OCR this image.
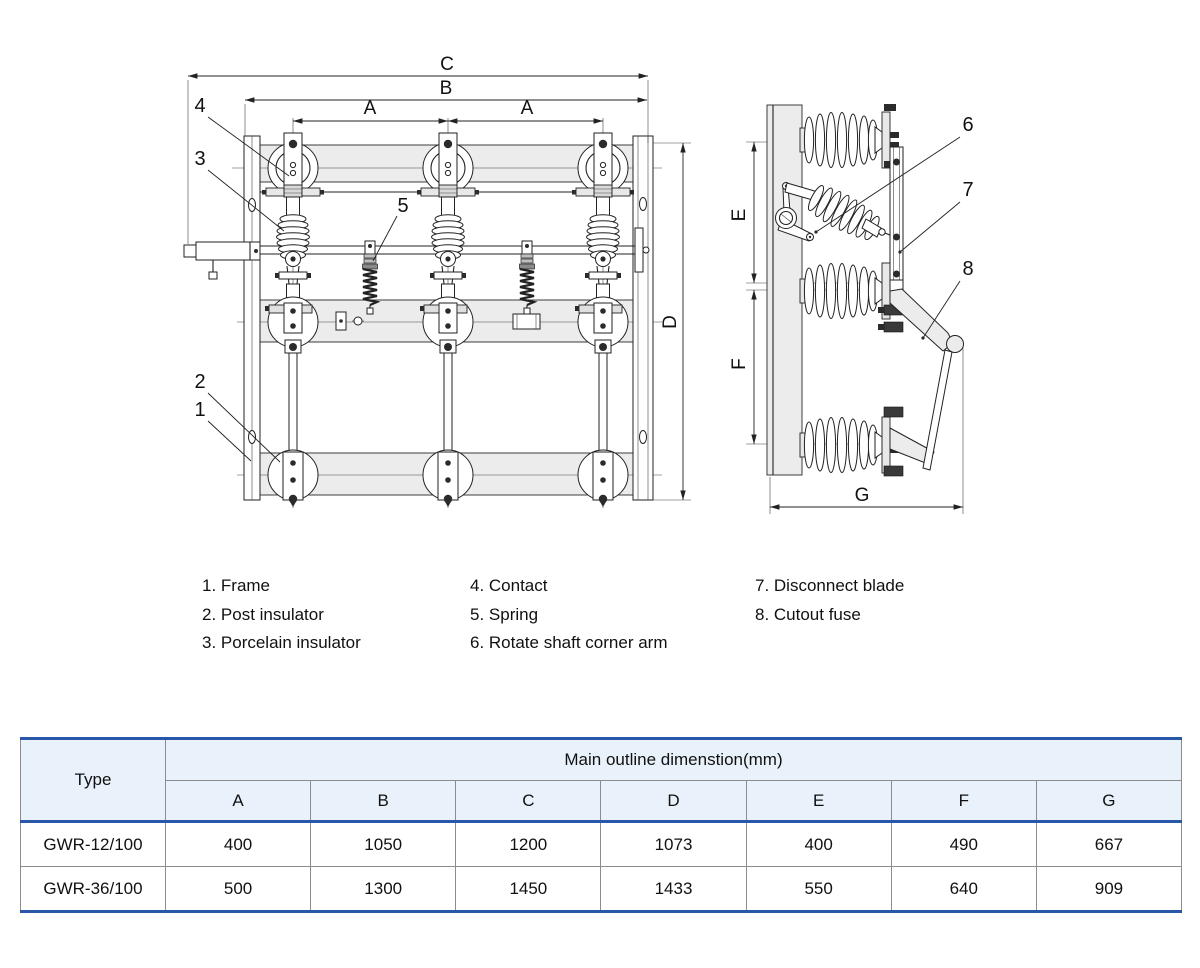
C
B
A	A
D
4
3
5
2
1
E
F
G
6
7
8
1. Frame
2. Post insulator
3. Porcelain insulator
4. Contact
5. Spring
6. Rotate shaft corner arm
7. Disconnect blade
8. Cutout fuse
Type	Main outline dimenstion(mm)						
	A	B	C	D	E	F	G
GWR-12/100	400	1050	1200	1073	400	490	667
GWR-36/100	500	1300	1450	1433	550	640	909
